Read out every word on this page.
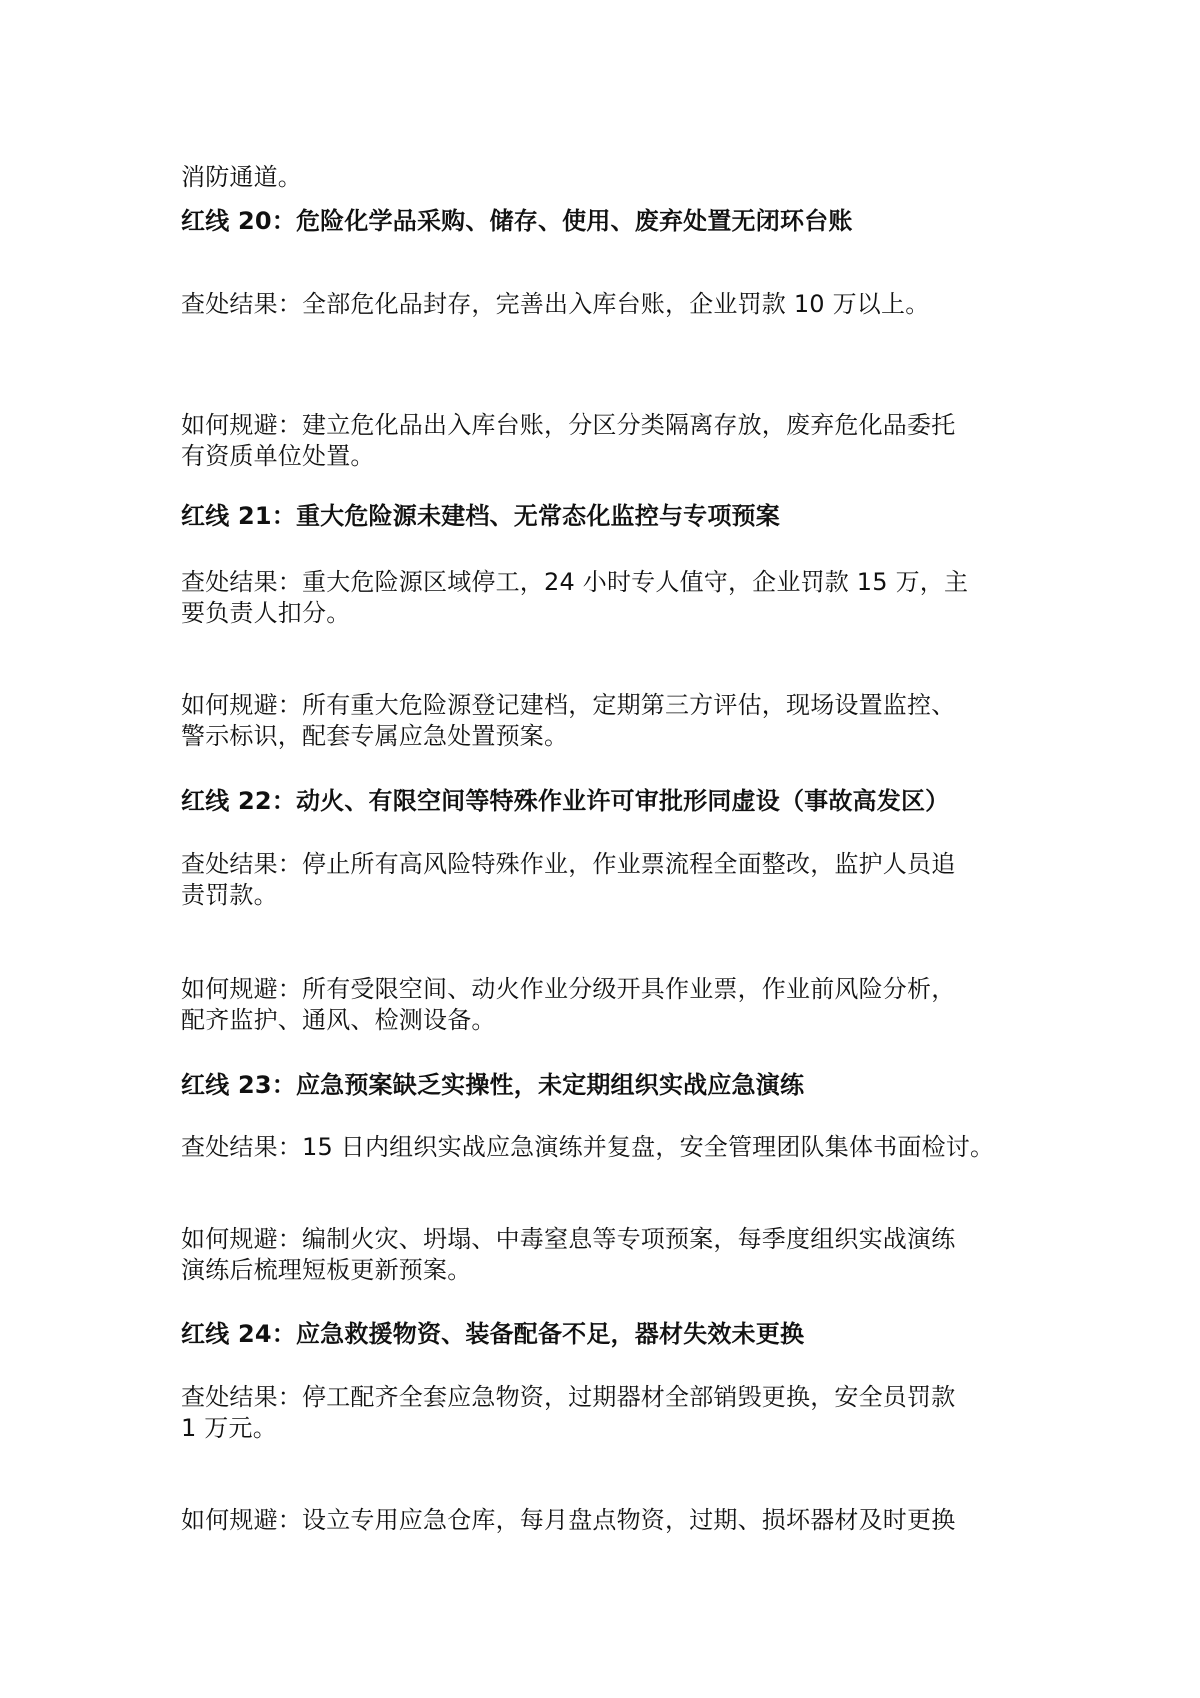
消防通道。
红线 20：危险化学品采购、储存、使用、废弃处置无闭环台账
查处结果：全部危化品封存，完善出入库台账，企业罚款 10 万以上。
如何规避：建立危化品出入库台账，分区分类隔离存放，废弃危化品委托
有资质单位处置。
红线 21：重大危险源未建档、无常态化监控与专项预案
查处结果：重大危险源区域停工，24 小时专人值守，企业罚款 15 万，主
要负责人扣分。
如何规避：所有重大危险源登记建档，定期第三方评估，现场设置监控、
警示标识，配套专属应急处置预案。
红线 22：动火、有限空间等特殊作业许可审批形同虚设（事故高发区）
查处结果：停止所有高风险特殊作业，作业票流程全面整改，监护人员追
责罚款。
如何规避：所有受限空间、动火作业分级开具作业票，作业前风险分析，
配齐监护、通风、检测设备。
红线 23：应急预案缺乏实操性，未定期组织实战应急演练
查处结果：15 日内组织实战应急演练并复盘，安全管理团队集体书面检讨。
如何规避：编制火灾、坍塌、中毒窒息等专项预案，每季度组织实战演练
演练后梳理短板更新预案。
红线 24：应急救援物资、装备配备不足，器材失效未更换
查处结果：停工配齐全套应急物资，过期器材全部销毁更换，安全员罚款
1 万元。
如何规避：设立专用应急仓库，每月盘点物资，过期、损坏器材及时更换
